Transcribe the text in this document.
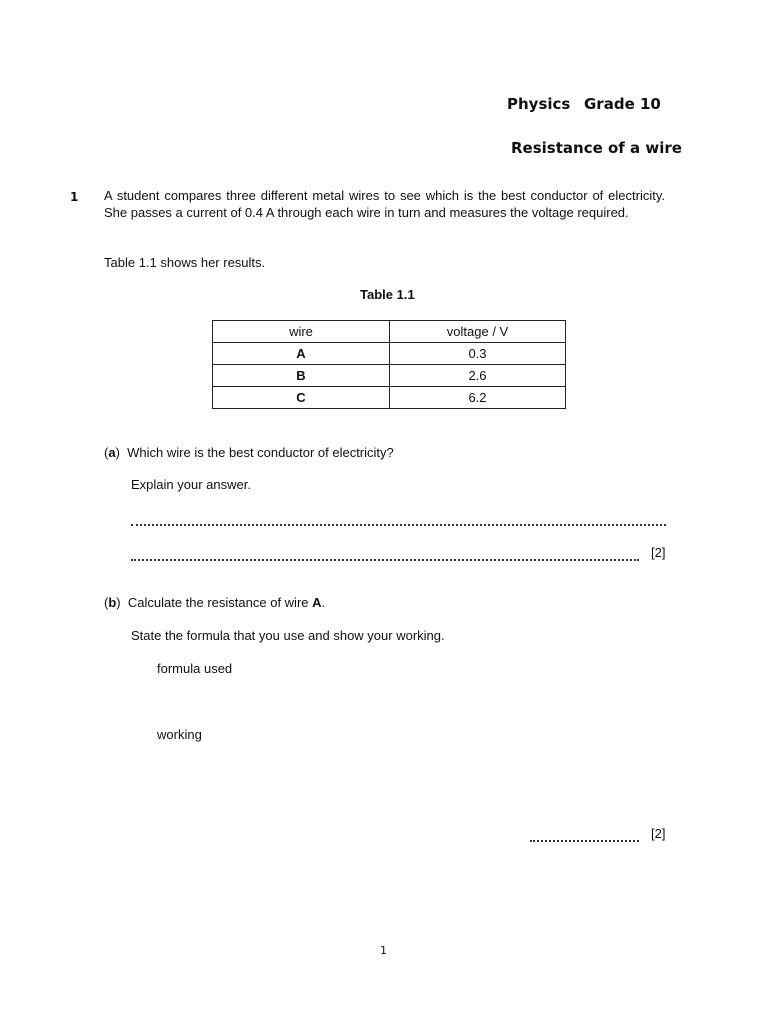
Physics Grade 10
Resistance of a wire
1 A student compares three different metal wires to see which is the best conductor of electricity. She passes a current of 0.4 A through each wire in turn and measures the voltage required.

Table 1.1 shows her results.
Table 1.1
wire	voltage / V
A	0.3
B	2.6
C	6.2
(a)  Which wire is the best conductor of electricity?
Explain your answer.
[2]
(b)  Calculate the resistance of wire A.
State the formula that you use and show your working.
formula used
working
[2]
1
